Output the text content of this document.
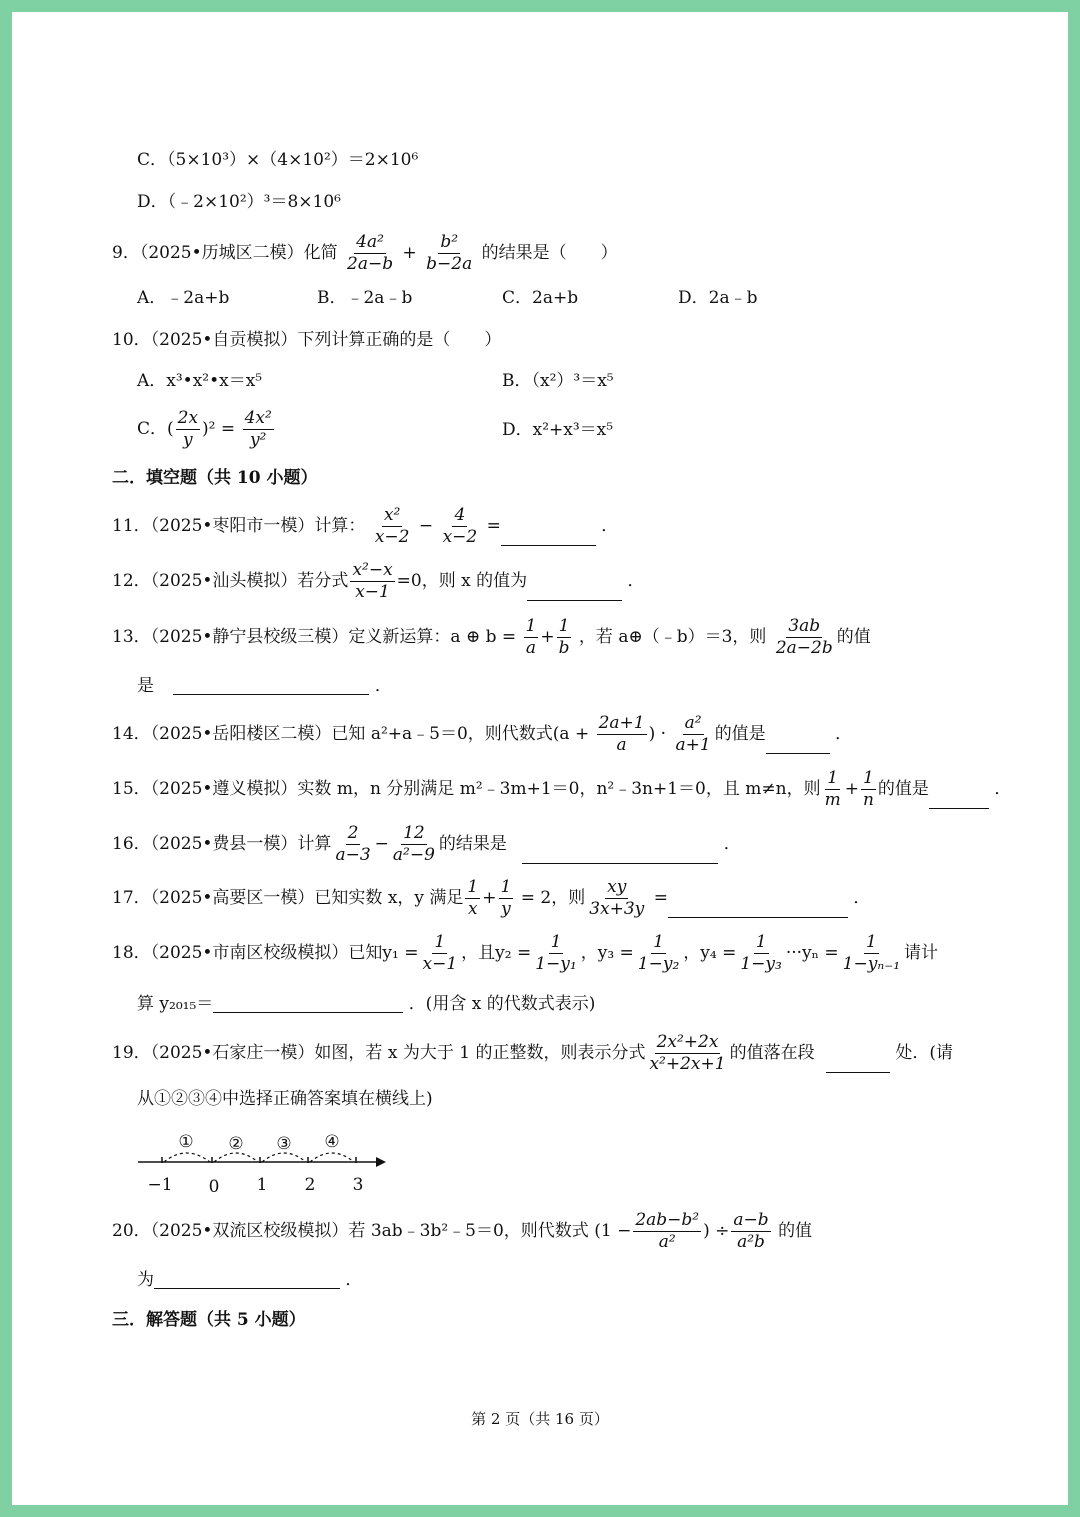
C．（5×10³）×（4×10²）＝2×10⁶
D．（﹣2×10²）³＝8×10⁶
9．（2025•历城区二模）化简 $\frac{\text{4a²}}{2a-b} + \frac{\text{b²}}{b-2a}$ 的结果是（　　）
A．﹣2a+b	B．﹣2a﹣b	C．2a+b	D．2a﹣b
10．（2025•自贡模拟）下列计算正确的是（　　）
A．x³•x²•x＝x⁵	B．（x²）³＝x⁵
C．( $\frac{2x}{y} )^2 = \frac{\text{4x²}}{\text{y²}}$	D．x²+x³＝x⁵
二．填空题（共 10 小题）
11．（2025•枣阳市一模）计算： $\frac{\text{x²}}{x-2} - \frac{4}{x-2}$ =	．
12．（2025•汕头模拟）若分式 $\frac{\text{x²−x}}{x-1} =0$，则 x 的值为	．
13．（2025•静宁县校级三模）定义新运算：a ⊕ $b = \frac{1}{a} + \frac{1}{b}$ ，若 a⊕（﹣b）＝3，则 $\frac{3ab}{2a-2b}$ 的值
是	．
14．（2025•岳阳楼区二模）已知 a²+a﹣5＝0，则代数式($a + \frac{2a+1}{a}$ ) · $\frac{\text{a²}}{a+1}$ 的值是	．
15．（2025•遵义模拟）实数 m，n 分别满足 m²﹣3m+1＝0，n²﹣3n+1＝0，且 m≠n，则 $\frac{1}{m} + \frac{1}{n}$ 的值是	．
16．（2025•费县一模）计算 $\frac{2}{a-3} - \frac{12}{\text{a²−9}}$ 的结果是	．
17．（2025•高要区一模）已知实数 x，y 满足 $\frac{1}{x} + \frac{1}{y} = 2$，则 $\frac{xy}{3x+3y}$ =	．
18．（2025•市南区校级模拟）已知$y_1 = \frac{1}{x-1}$ ，且$y_2 = \frac{1}{\text{1−y₁}}$ ，$y_3 = \frac{1}{\text{1−y₂}}$ ，$y_4 = \frac{1}{\text{1−y₃}} \cdot\cdot\cdot y_n = \frac{1}{\text{1−yₙ₋₁}}$ 请计
算 y₂₀₁₅＝	．(用含 x 的代数式表示)
19．（2025•石家庄一模）如图，若 x 为大于 1 的正整数，则表示分式 $\frac{\text{2x²+2x}}{\text{x²+2x+1}}$ 的值落在段	处．(请
从①②③④中选择正确答案填在横线上)
① ② ③ ④
−1 0 1 2 3
20．（2025•双流区校级模拟）若 3ab﹣3b²﹣5＝0，则代数式 ($1 - \frac{\text{2ab−b²}}{\text{a²}}$ ) ÷ $\frac{a-b}{\text{a²b}}$ 的值
为	．
三．解答题（共 5 小题）
第 2 页（共 16 页）
